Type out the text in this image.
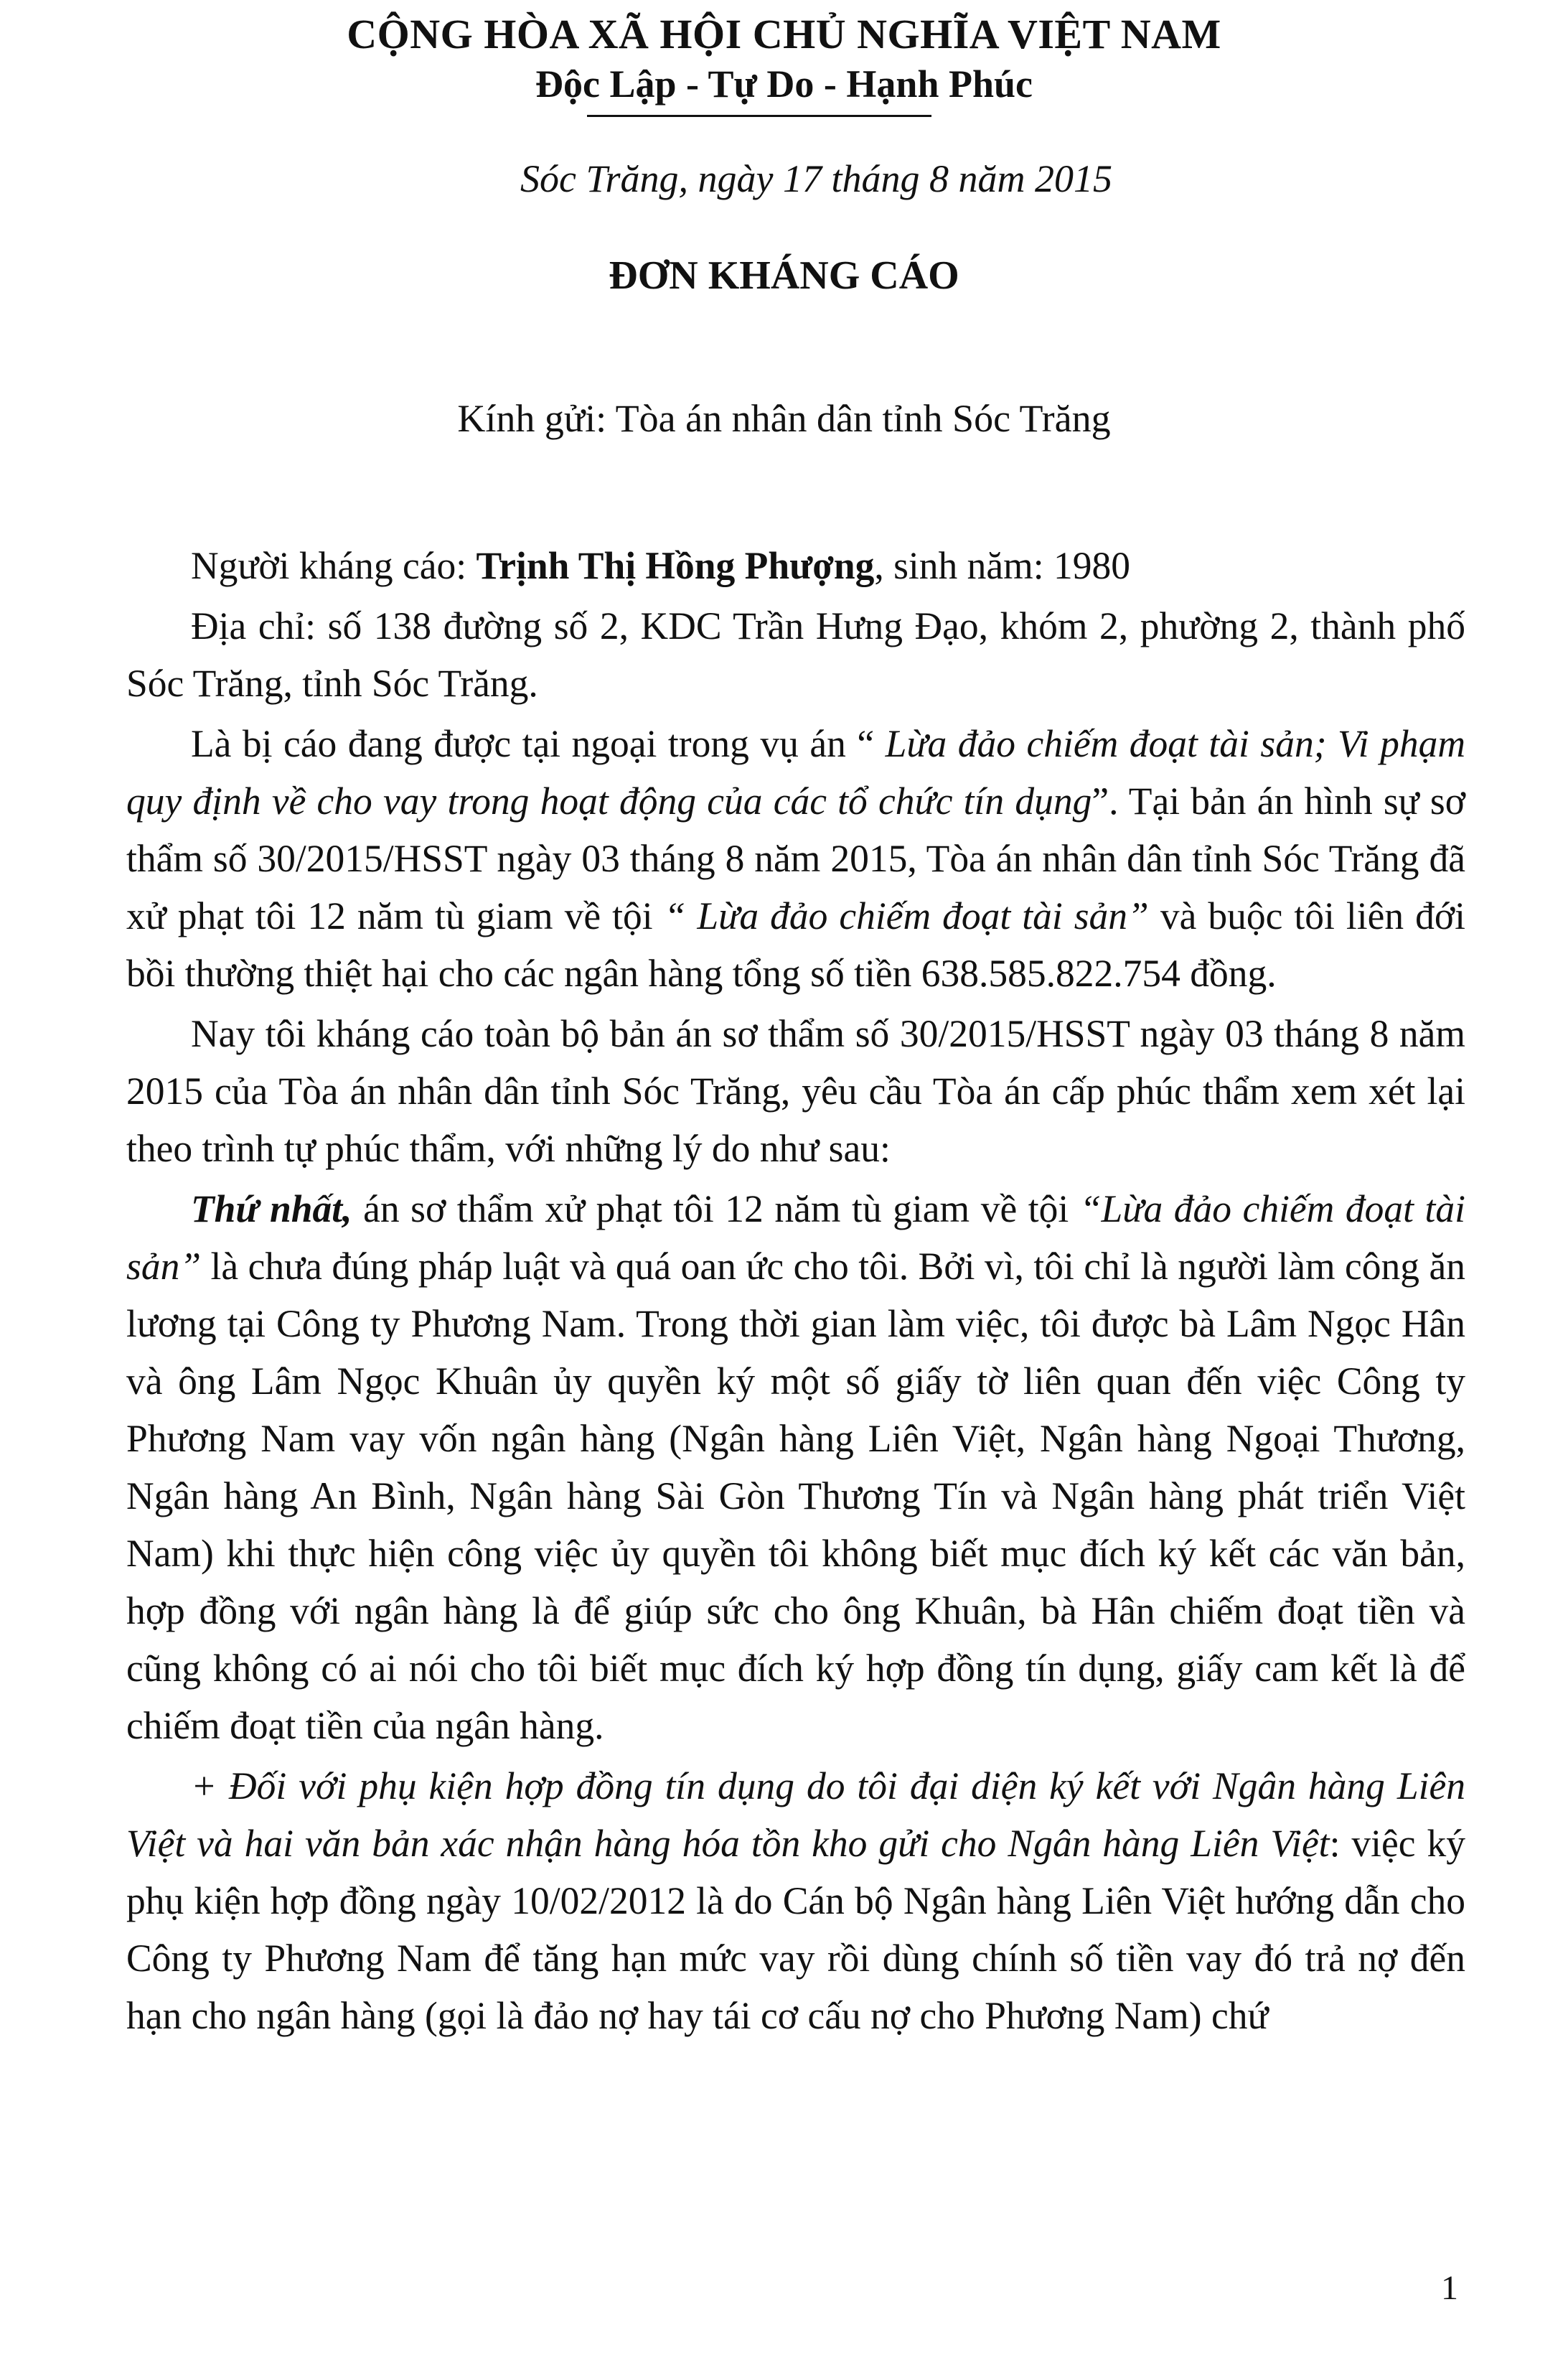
CỘNG HÒA XÃ HỘI CHỦ NGHĨA VIỆT NAM
Độc Lập - Tự Do - Hạnh Phúc
Sóc Trăng, ngày 17 tháng 8 năm 2015
ĐƠN KHÁNG CÁO
Kính gửi: Tòa án nhân dân tỉnh Sóc Trăng

Người kháng cáo: Trịnh Thị Hồng Phượng, sinh năm: 1980

Địa chỉ: số 138 đường số 2, KDC Trần Hưng Đạo, khóm 2, phường 2, thành phố Sóc Trăng, tỉnh Sóc Trăng.

Là bị cáo đang được tại ngoại trong vụ án “ Lừa đảo chiếm đoạt tài sản; Vi phạm quy định về cho vay trong hoạt động của các tổ chức tín dụng”. Tại bản án hình sự sơ thẩm số 30/2015/HSST ngày 03 tháng 8 năm 2015, Tòa án nhân dân tỉnh Sóc Trăng đã xử phạt tôi 12 năm tù giam về tội “ Lừa đảo chiếm đoạt tài sản” và buộc tôi liên đới bồi thường thiệt hại cho các ngân hàng tổng số tiền 638.585.822.754 đồng.

Nay tôi kháng cáo toàn bộ bản án sơ thẩm số 30/2015/HSST ngày 03 tháng 8 năm 2015 của Tòa án nhân dân tỉnh Sóc Trăng, yêu cầu Tòa án cấp phúc thẩm xem xét lại theo trình tự phúc thẩm, với những lý do như sau:

Thứ nhất, án sơ thẩm xử phạt tôi 12 năm tù giam về tội “Lừa đảo chiếm đoạt tài sản” là chưa đúng pháp luật và quá oan ức cho tôi. Bởi vì, tôi chỉ là người làm công ăn lương tại Công ty Phương Nam. Trong thời gian làm việc, tôi được bà Lâm Ngọc Hân và ông Lâm Ngọc Khuân ủy quyền ký một số giấy tờ liên quan đến việc Công ty Phương Nam vay vốn ngân hàng (Ngân hàng Liên Việt, Ngân hàng Ngoại Thương, Ngân hàng An Bình, Ngân hàng Sài Gòn Thương Tín và Ngân hàng phát triển Việt Nam) khi thực hiện công việc ủy quyền tôi không biết mục đích ký kết các văn bản, hợp đồng với ngân hàng là để giúp sức cho ông Khuân, bà Hân chiếm đoạt tiền và cũng không có ai nói cho tôi biết mục đích ký hợp đồng tín dụng, giấy cam kết là để chiếm đoạt tiền của ngân hàng.

+ Đối với phụ kiện hợp đồng tín dụng do tôi đại diện ký kết với Ngân hàng Liên Việt và hai văn bản xác nhận hàng hóa tồn kho gửi cho Ngân hàng Liên Việt: việc ký phụ kiện hợp đồng ngày 10/02/2012 là do Cán bộ Ngân hàng Liên Việt hướng dẫn cho Công ty Phương Nam để tăng hạn mức vay rồi dùng chính số tiền vay đó trả nợ đến hạn cho ngân hàng (gọi là đảo nợ hay tái cơ cấu nợ cho Phương Nam) chứ

1
